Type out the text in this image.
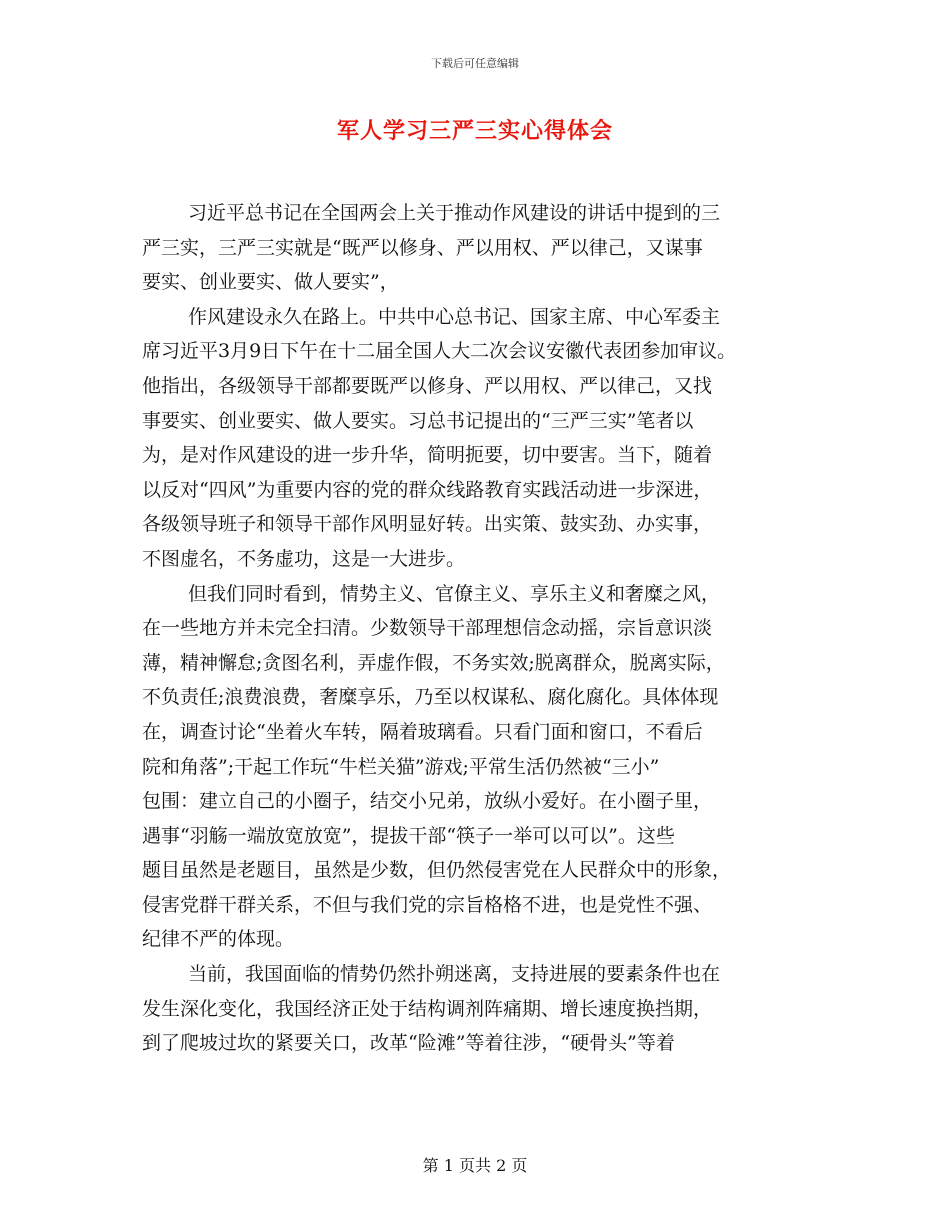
下载后可任意编辑
军人学习三严三实心得体会
习近平总书记在全国两会上关于推动作风建设的讲话中提到的三
严三实，三严三实就是“既严以修身、严以用权、严以律己，又谋事
要实、创业要实、做人要实”，
作风建设永久在路上。中共中心总书记、国家主席、中心军委主
席习近平3月9日下午在十二届全国人大二次会议安徽代表团参加审议。
他指出，各级领导干部都要既严以修身、严以用权、严以律己，又找
事要实、创业要实、做人要实。习总书记提出的“三严三实”笔者以
为，是对作风建设的进一步升华，简明扼要，切中要害。当下，随着
以反对“四风”为重要内容的党的群众线路教育实践活动进一步深进，
各级领导班子和领导干部作风明显好转。出实策、鼓实劲、办实事，
不图虚名，不务虚功，这是一大进步。
但我们同时看到，情势主义、官僚主义、享乐主义和奢糜之风，
在一些地方并未完全扫清。少数领导干部理想信念动摇，宗旨意识淡
薄，精神懈怠;贪图名利，弄虚作假，不务实效;脱离群众，脱离实际，
不负责任;浪费浪费，奢糜享乐，乃至以权谋私、腐化腐化。具体体现
在，调查讨论“坐着火车转，隔着玻璃看。只看门面和窗口，不看后
院和角落”;干起工作玩“牛栏关猫”游戏;平常生活仍然被“三小”
包围：建立自己的小圈子，结交小兄弟，放纵小爱好。在小圈子里，
遇事“羽觞一端放宽放宽”，提拔干部“筷子一举可以可以”。这些
题目虽然是老题目，虽然是少数，但仍然侵害党在人民群众中的形象，
侵害党群干群关系，不但与我们党的宗旨格格不进，也是党性不强、
纪律不严的体现。
当前，我国面临的情势仍然扑朔迷离，支持进展的要素条件也在
发生深化变化，我国经济正处于结构调剂阵痛期、增长速度换挡期，
到了爬坡过坎的紧要关口，改革“险滩”等着往涉，“硬骨头”等着
第 1 页共 2 页
